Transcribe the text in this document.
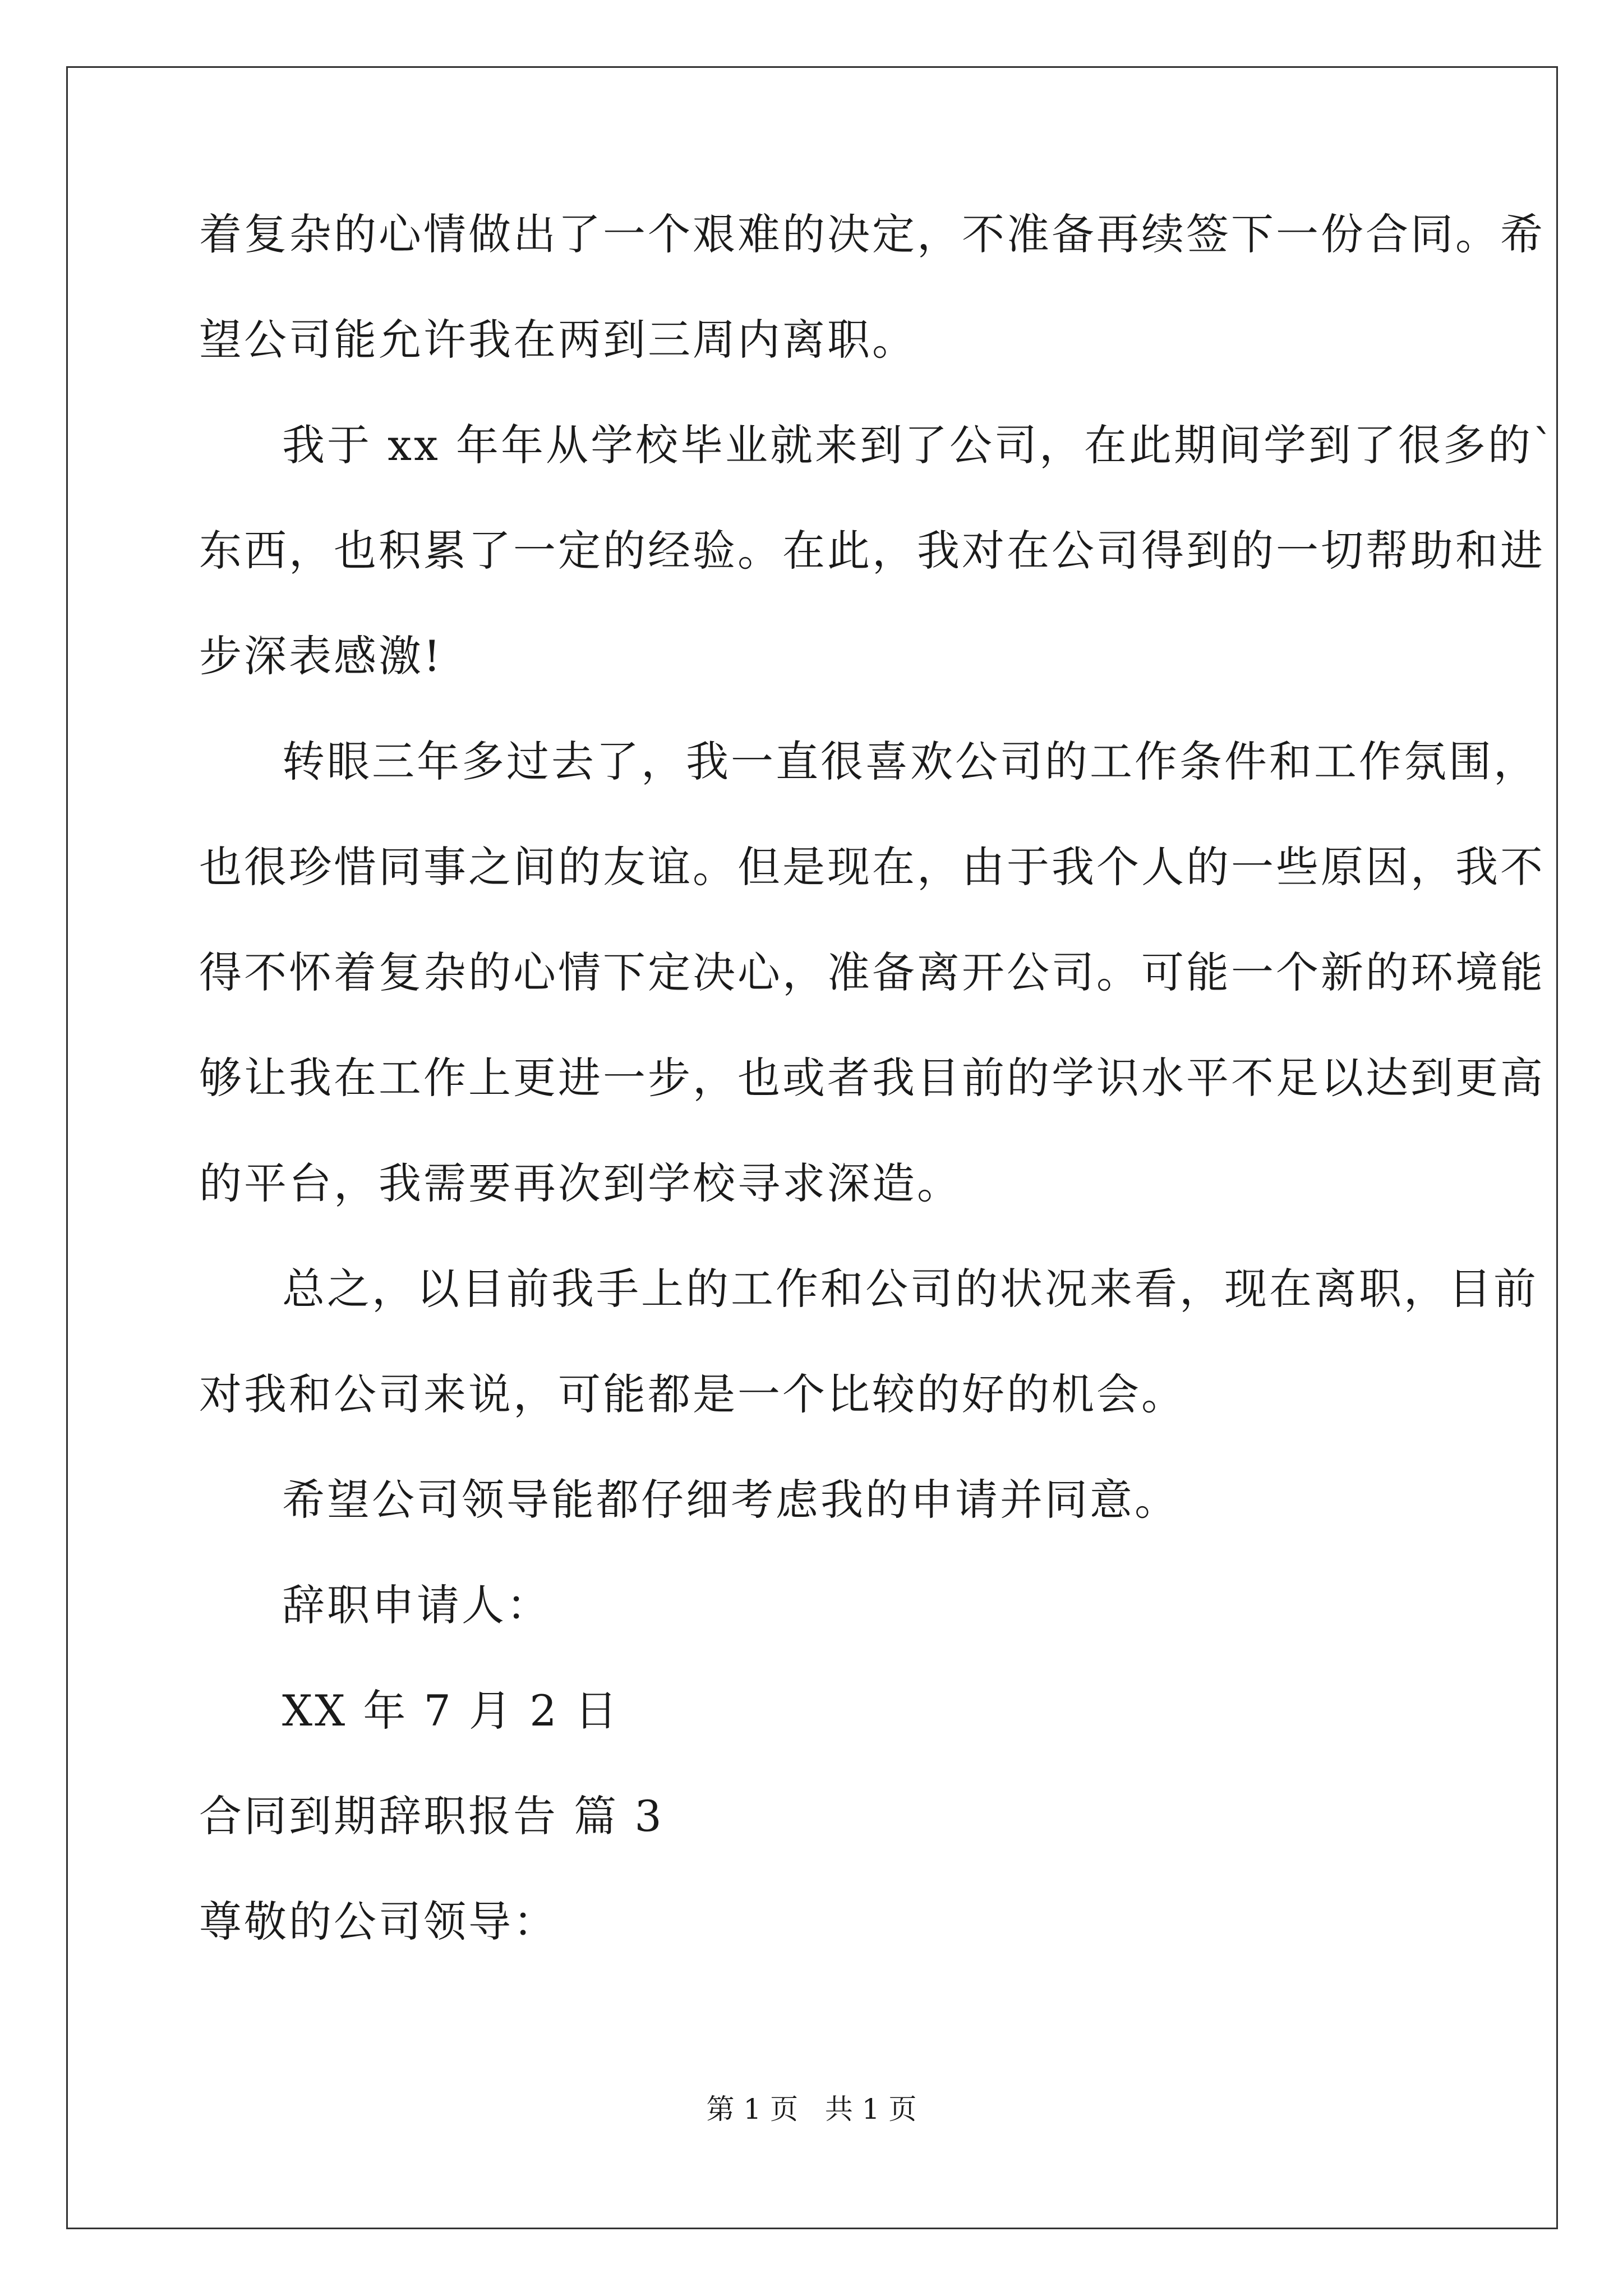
着复杂的心情做出了一个艰难的决定，不准备再续签下一份合同。希
望公司能允许我在两到三周内离职。
我于 xx 年年从学校毕业就来到了公司，在此期间学到了很多的`
东西，也积累了一定的经验。在此，我对在公司得到的一切帮助和进
步深表感激!
转眼三年多过去了，我一直很喜欢公司的工作条件和工作氛围，
也很珍惜同事之间的友谊。但是现在，由于我个人的一些原因，我不
得不怀着复杂的心情下定决心，准备离开公司。可能一个新的环境能
够让我在工作上更进一步，也或者我目前的学识水平不足以达到更高
的平台，我需要再次到学校寻求深造。
总之，以目前我手上的工作和公司的状况来看，现在离职，目前
对我和公司来说，可能都是一个比较的好的机会。
希望公司领导能都仔细考虑我的申请并同意。
辞职申请人：
XX 年 7 月 2 日
合同到期辞职报告 篇 3
尊敬的公司领导：
第 1 页   共 1 页
